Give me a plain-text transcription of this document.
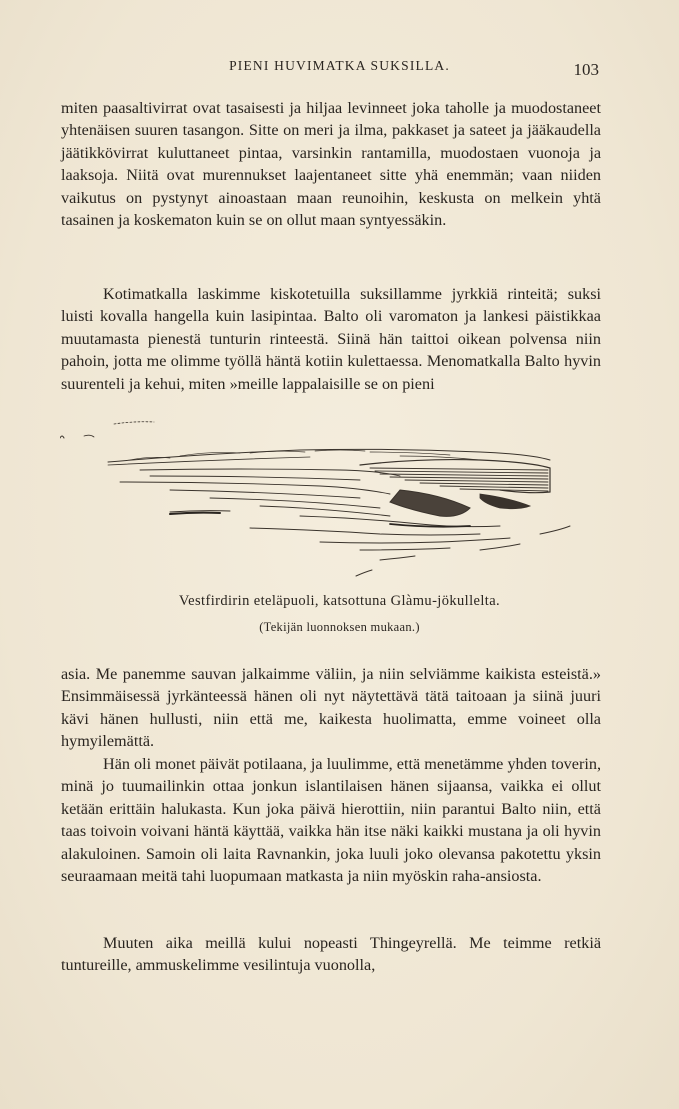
PIENI HUVIMATKA SUKSILLA.	103

miten paasaltivirrat ovat tasaisesti ja hiljaa levinneet joka taholle ja muodostaneet yhtenäisen suuren tasangon. Sitte on meri ja ilma, pakkaset ja sateet ja jääkaudella jäätikkövirrat kuluttaneet pintaa, varsinkin rantamilla, muodostaen vuonoja ja laaksoja. Niitä ovat murennukset laajentaneet sitte yhä enemmän; vaan niiden vaikutus on pystynyt ainoastaan maan reunoihin, keskusta on melkein yhtä tasainen ja koskematon kuin se on ollut maan syntyessäkin.

Kotimatkalla laskimme kiskotetuilla suksillamme jyrkkiä rinteitä; suksi luisti kovalla hangella kuin lasipintaa. Balto oli varomaton ja lankesi päistikkaa muutamasta pienestä tunturin rinteestä. Siinä hän taittoi oikean polvensa niin pahoin, jotta me olimme työllä häntä kotiin kulettaessa. Menomatkalla Balto hyvin suurenteli ja kehui, miten »meille lappalaisille se on pieni

Vestfirdirin eteläpuoli, katsottuna Glàmu-jökullelta.
(Tekijän luonnoksen mukaan.)

asia. Me panemme sauvan jalkaimme väliin, ja niin selviämme kaikista esteistä.» Ensimmäisessä jyrkänteessä hänen oli nyt näytettävä tätä taitoaan ja siinä juuri kävi hänen hullusti, niin että me, kaikesta huolimatta, emme voineet olla hymyilemättä.

Hän oli monet päivät potilaana, ja luulimme, että menetämme yhden toverin, minä jo tuumailinkin ottaa jonkun islantilaisen hänen sijaansa, vaikka ei ollut ketään erittäin halukasta. Kun joka päivä hierottiin, niin parantui Balto niin, että taas toivoin voivani häntä käyttää, vaikka hän itse näki kaikki mustana ja oli hyvin alakuloinen. Samoin oli laita Ravnankin, joka luuli joko olevansa pakotettu yksin seuraamaan meitä tahi luopumaan matkasta ja niin myöskin raha-ansiosta.

Muuten aika meillä kului nopeasti Thingeyrellä. Me teimme retkiä tuntureille, ammuskelimme vesilintuja vuonolla,
